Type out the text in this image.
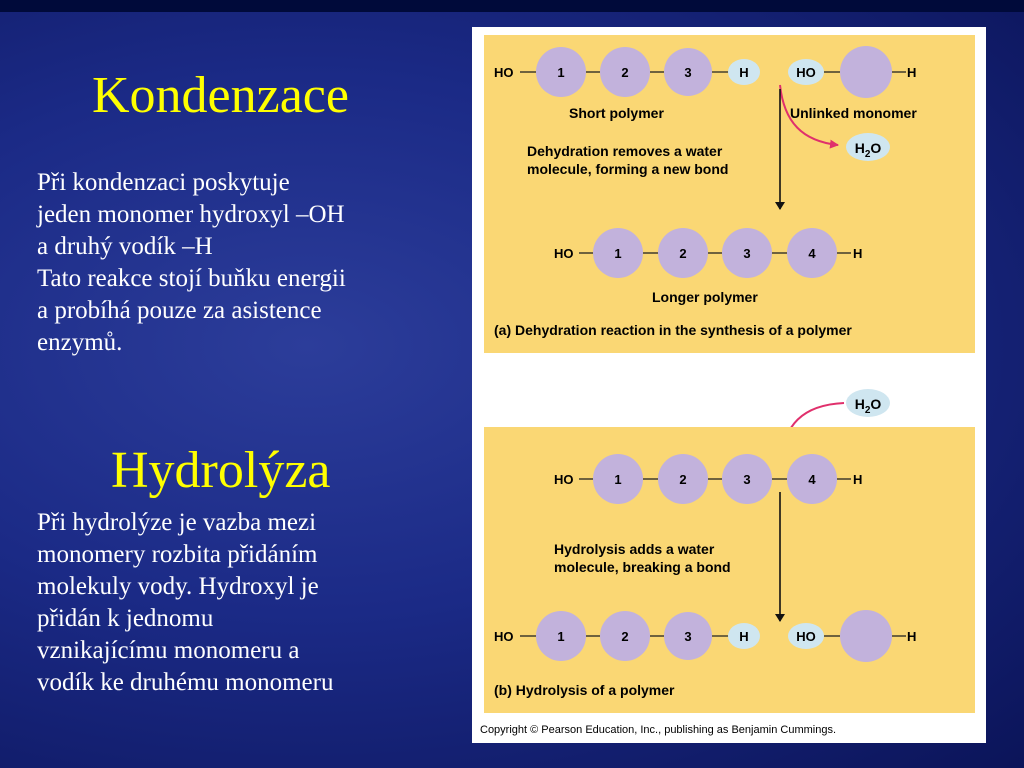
Kondenzace
Při kondenzaci poskytuje
jeden monomer hydroxyl –OH
a druhý vodík –H
Tato reakce stojí buňku energii
a probíhá pouze za asistence
enzymů.
Hydrolýza
Při hydrolýze je vazba mezi
monomery rozbita přidáním
molekuly vody. Hydroxyl je
přidán k jednomu
vznikajícímu monomeru a
vodík ke druhému monomeru
HO	1	2	3	H	HO	H
Short polymer	Unlinked monomer
$H_2O$
Dehydration removes a water
molecule, forming a new bond
HO	1	2	3	4	H
Longer polymer
(a) Dehydration reaction in the synthesis of a polymer
$H_2O$
HO	1	2	3	4	H
Hydrolysis adds a water
molecule, breaking a bond
HO	1	2	3	H	HO	H
(b) Hydrolysis of a polymer
Copyright © Pearson Education, Inc., publishing as Benjamin Cummings.
